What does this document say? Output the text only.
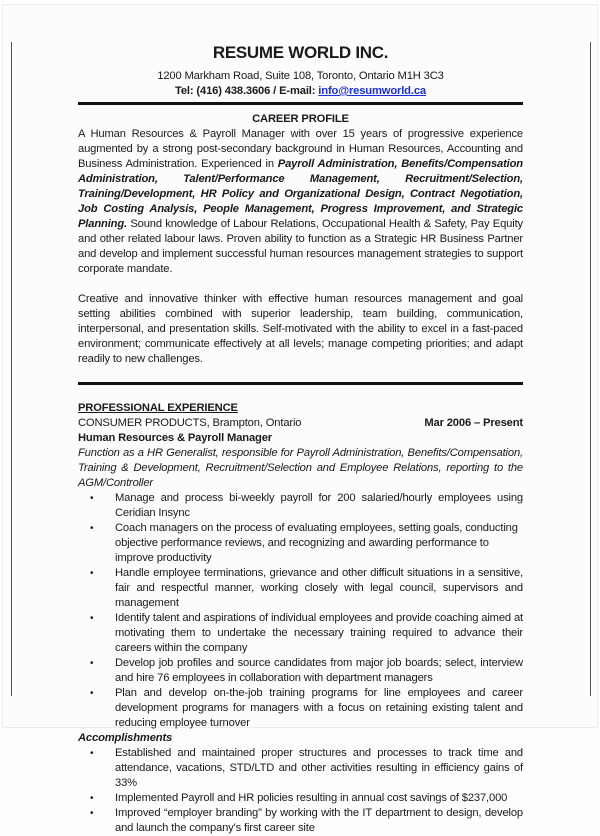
RESUME WORLD INC.
1200 Markham Road, Suite 108, Toronto, Ontario M1H 3C3
Tel: (416) 438.3606 / E-mail: info@resumworld.ca
CAREER PROFILE
A Human Resources & Payroll Manager with over 15 years of progressive experience augmented by a strong post-secondary background in Human Resources, Accounting and Business Administration. Experienced in Payroll Administration, Benefits/Compensation Administration, Talent/Performance Management, Recruitment/Selection, Training/Development, HR Policy and Organizational Design, Contract Negotiation, Job Costing Analysis, People Management, Progress Improvement, and Strategic Planning. Sound knowledge of Labour Relations, Occupational Health & Safety, Pay Equity and other related labour laws. Proven ability to function as a Strategic HR Business Partner and develop and implement successful human resources management strategies to support corporate mandate.
Creative and innovative thinker with effective human resources management and goal setting abilities combined with superior leadership, team building, communication, interpersonal, and presentation skills. Self-motivated with the ability to excel in a fast-paced environment; communicate effectively at all levels; manage competing priorities; and adapt readily to new challenges.
PROFESSIONAL EXPERIENCE
CONSUMER PRODUCTS, Brampton, Ontario	Mar 2006 – Present
Human Resources & Payroll Manager
Function as a HR Generalist, responsible for Payroll Administration, Benefits/Compensation, Training & Development, Recruitment/Selection and Employee Relations, reporting to the AGM/Controller
• Manage and process bi-weekly payroll for 200 salaried/hourly employees using Ceridian Insync
• Coach managers on the process of evaluating employees, setting goals, conducting objective performance reviews, and recognizing and awarding performance to improve productivity
• Handle employee terminations, grievance and other difficult situations in a sensitive, fair and respectful manner, working closely with legal council, supervisors and management
• Identify talent and aspirations of individual employees and provide coaching aimed at motivating them to undertake the necessary training required to advance their careers within the company
• Develop job profiles and source candidates from major job boards; select, interview and hire 76 employees in collaboration with department managers
• Plan and develop on-the-job training programs for line employees and career development programs for managers with a focus on retaining existing talent and reducing employee turnover
Accomplishments
• Established and maintained proper structures and processes to track time and attendance, vacations, STD/LTD and other activities resulting in efficiency gains of 33%
• Implemented Payroll and HR policies resulting in annual cost savings of $237,000
• Improved “employer branding” by working with the IT department to design, develop and launch the company's first career site
